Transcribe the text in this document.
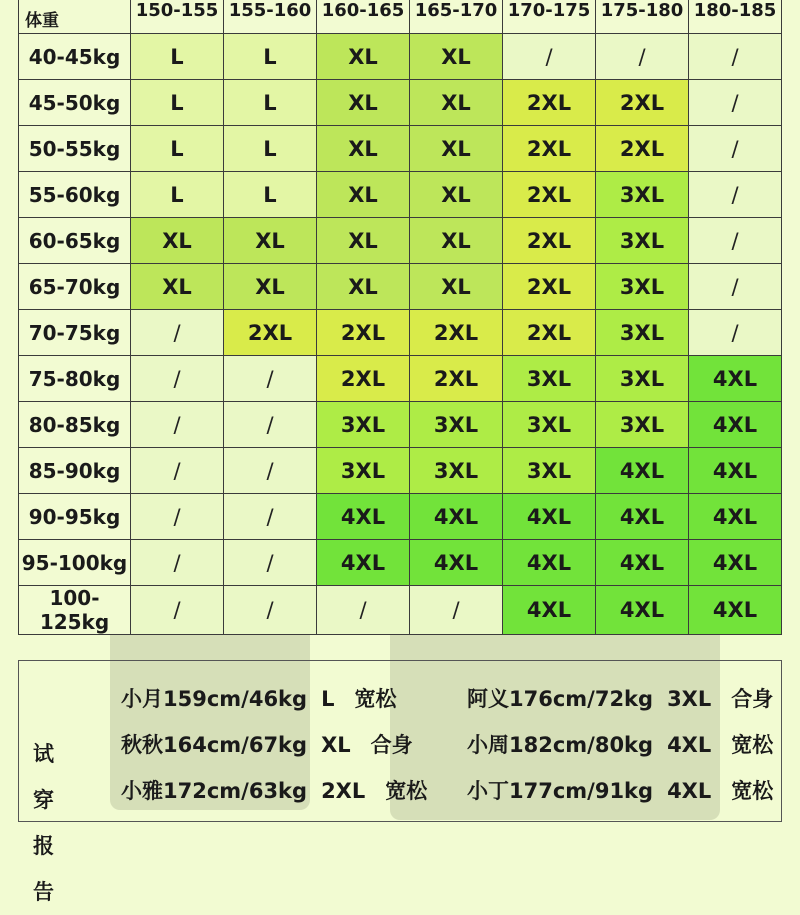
体重	150-155	155-160	160-165	165-170	170-175	175-180	180-185
40-45kg	L	L	XL	XL	/	/	/
45-50kg	L	L	XL	XL	2XL	2XL	/
50-55kg	L	L	XL	XL	2XL	2XL	/
55-60kg	L	L	XL	XL	2XL	3XL	/
60-65kg	XL	XL	XL	XL	2XL	3XL	/
65-70kg	XL	XL	XL	XL	2XL	3XL	/
70-75kg	/	2XL	2XL	2XL	2XL	3XL	/
75-80kg	/	/	2XL	2XL	3XL	3XL	4XL
80-85kg	/	/	3XL	3XL	3XL	3XL	4XL
85-90kg	/	/	3XL	3XL	3XL	4XL	4XL
90-95kg	/	/	4XL	4XL	4XL	4XL	4XL
95-100kg	/	/	4XL	4XL	4XL	4XL	4XL
100-125kg	/	/	/	/	4XL	4XL	4XL
试穿
报告
小月159cm/46kg L 宽松
秋秋164cm/67kg XL 合身
小雅172cm/63kg 2XL 宽松
阿义176cm/72kg 3XL 合身
小周182cm/80kg 4XL 宽松
小丁177cm/91kg 4XL 宽松
